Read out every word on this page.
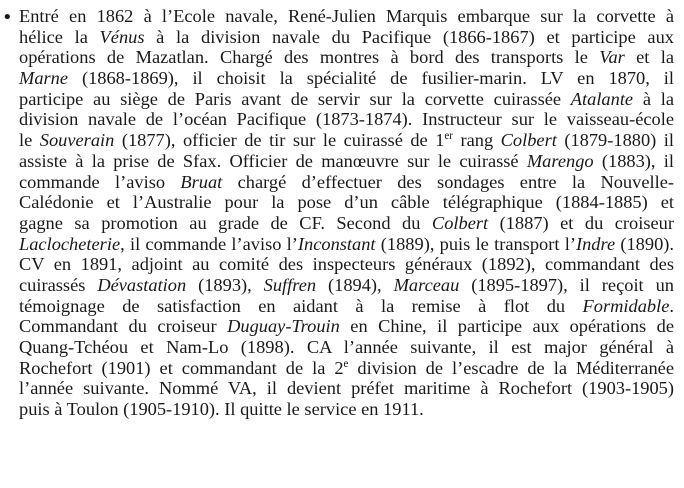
• Entré en 1862 à l’Ecole navale, René-Julien Marquis embarque sur la corvette à
hélice la Vénus à la division navale du Pacifique (1866-1867) et participe aux
opérations de Mazatlan. Chargé des montres à bord des transports le Var et la
Marne (1868-1869), il choisit la spécialité de fusilier-marin. LV en 1870, il
participe au siège de Paris avant de servir sur la corvette cuirassée Atalante à la
division navale de l’océan Pacifique (1873-1874). Instructeur sur le vaisseau-école
le Souverain (1877), officier de tir sur le cuirassé de 1er rang Colbert (1879-1880) il
assiste à la prise de Sfax. Officier de manœuvre sur le cuirassé Marengo (1883), il
commande l’aviso Bruat chargé d’effectuer des sondages entre la Nouvelle-
Calédonie et l’Australie pour la pose d’un câble télégraphique (1884-1885) et
gagne sa promotion au grade de CF. Second du Colbert (1887) et du croiseur
Laclocheterie, il commande l’aviso l’Inconstant (1889), puis le transport l’Indre (1890).
CV en 1891, adjoint au comité des inspecteurs généraux (1892), commandant des
cuirassés Dévastation (1893), Suffren (1894), Marceau (1895-1897), il reçoit un
témoignage de satisfaction en aidant à la remise à flot du Formidable.
Commandant du croiseur Duguay-Trouin en Chine, il participe aux opérations de
Quang-Tchéou et Nam-Lo (1898). CA l’année suivante, il est major général à
Rochefort (1901) et commandant de la 2e division de l’escadre de la Méditerranée
l’année suivante. Nommé VA, il devient préfet maritime à Rochefort (1903-1905)
puis à Toulon (1905-1910). Il quitte le service en 1911.
